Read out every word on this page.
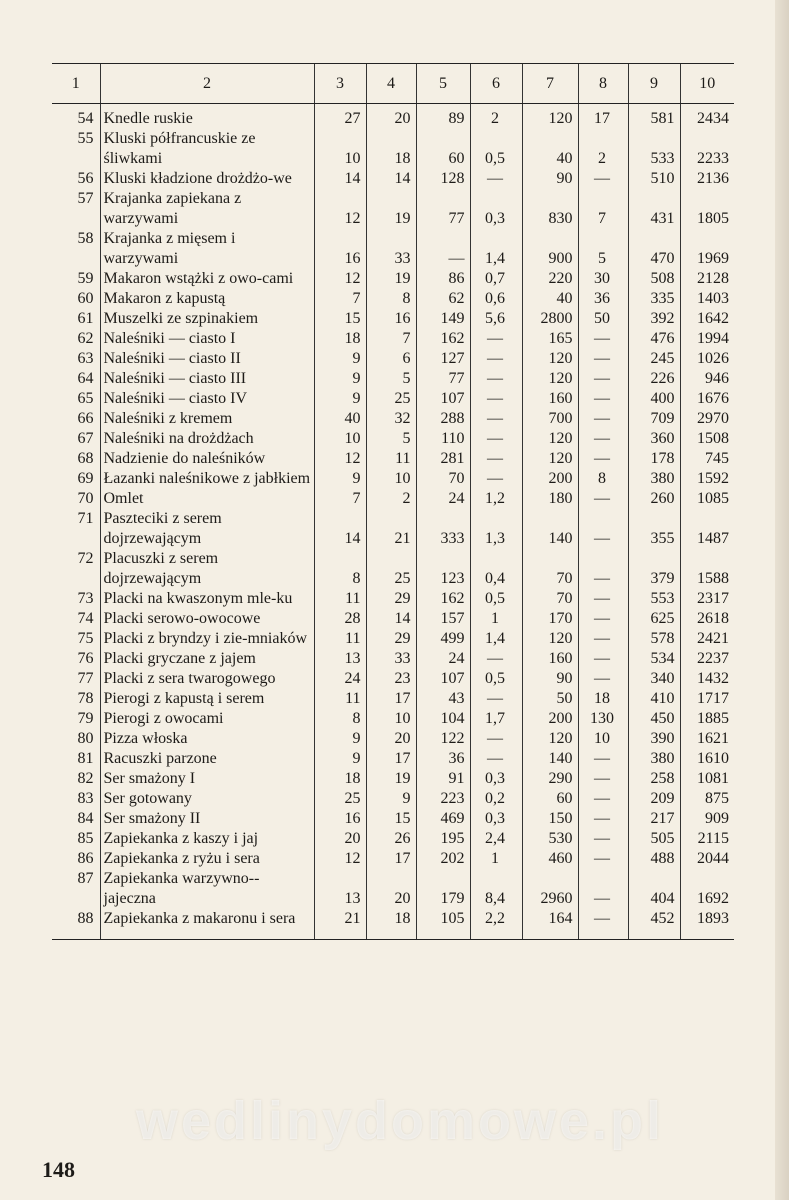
1	2	3	4	5	6	7	8	9	10
54	Knedle ruskie	27	20	89	2	120	17	581	2434
55	Kluski półfrancuskie ze śliwkami	10	18	60	0,5	40	2	533	2233
56	Kluski kładzione drożdżo-we	14	14	128	—	90	—	510	2136
57	Krajanka zapiekana z warzywami	12	19	77	0,3	830	7	431	1805
58	Krajanka z mięsem i warzywami	16	33	—	1,4	900	5	470	1969
59	Makaron wstążki z owo-cami	12	19	86	0,7	220	30	508	2128
60	Makaron z kapustą	7	8	62	0,6	40	36	335	1403
61	Muszelki ze szpinakiem	15	16	149	5,6	2800	50	392	1642
62	Naleśniki — ciasto I	18	7	162	—	165	—	476	1994
63	Naleśniki — ciasto II	9	6	127	—	120	—	245	1026
64	Naleśniki — ciasto III	9	5	77	—	120	—	226	946
65	Naleśniki — ciasto IV	9	25	107	—	160	—	400	1676
66	Naleśniki z kremem	40	32	288	—	700	—	709	2970
67	Naleśniki na drożdżach	10	5	110	—	120	—	360	1508
68	Nadzienie do naleśników	12	11	281	—	120	—	178	745
69	Łazanki naleśnikowe z jabłkiem	9	10	70	—	200	8	380	1592
70	Omlet	7	2	24	1,2	180	—	260	1085
71	Paszteciki z serem dojrzewającym	14	21	333	1,3	140	—	355	1487
72	Placuszki z serem dojrzewającym	8	25	123	0,4	70	—	379	1588
73	Placki na kwaszonym mle-ku	11	29	162	0,5	70	—	553	2317
74	Placki serowo-owocowe	28	14	157	1	170	—	625	2618
75	Placki z bryndzy i zie-mniaków	11	29	499	1,4	120	—	578	2421
76	Placki gryczane z jajem	13	33	24	—	160	—	534	2237
77	Placki z sera twarogowego	24	23	107	0,5	90	—	340	1432
78	Pierogi z kapustą i serem	11	17	43	—	50	18	410	1717
79	Pierogi z owocami	8	10	104	1,7	200	130	450	1885
80	Pizza włoska	9	20	122	—	120	10	390	1621
81	Racuszki parzone	9	17	36	—	140	—	380	1610
82	Ser smażony I	18	19	91	0,3	290	—	258	1081
83	Ser gotowany	25	9	223	0,2	60	—	209	875
84	Ser smażony II	16	15	469	0,3	150	—	217	909
85	Zapiekanka z kaszy i jaj	20	26	195	2,4	530	—	505	2115
86	Zapiekanka z ryżu i sera	12	17	202	1	460	—	488	2044
87	Zapiekanka warzywno--jajeczna	13	20	179	8,4	2960	—	404	1692
88	Zapiekanka z makaronu i sera	21	18	105	2,2	164	—	452	1893
wedlinydomowe.pl
148
